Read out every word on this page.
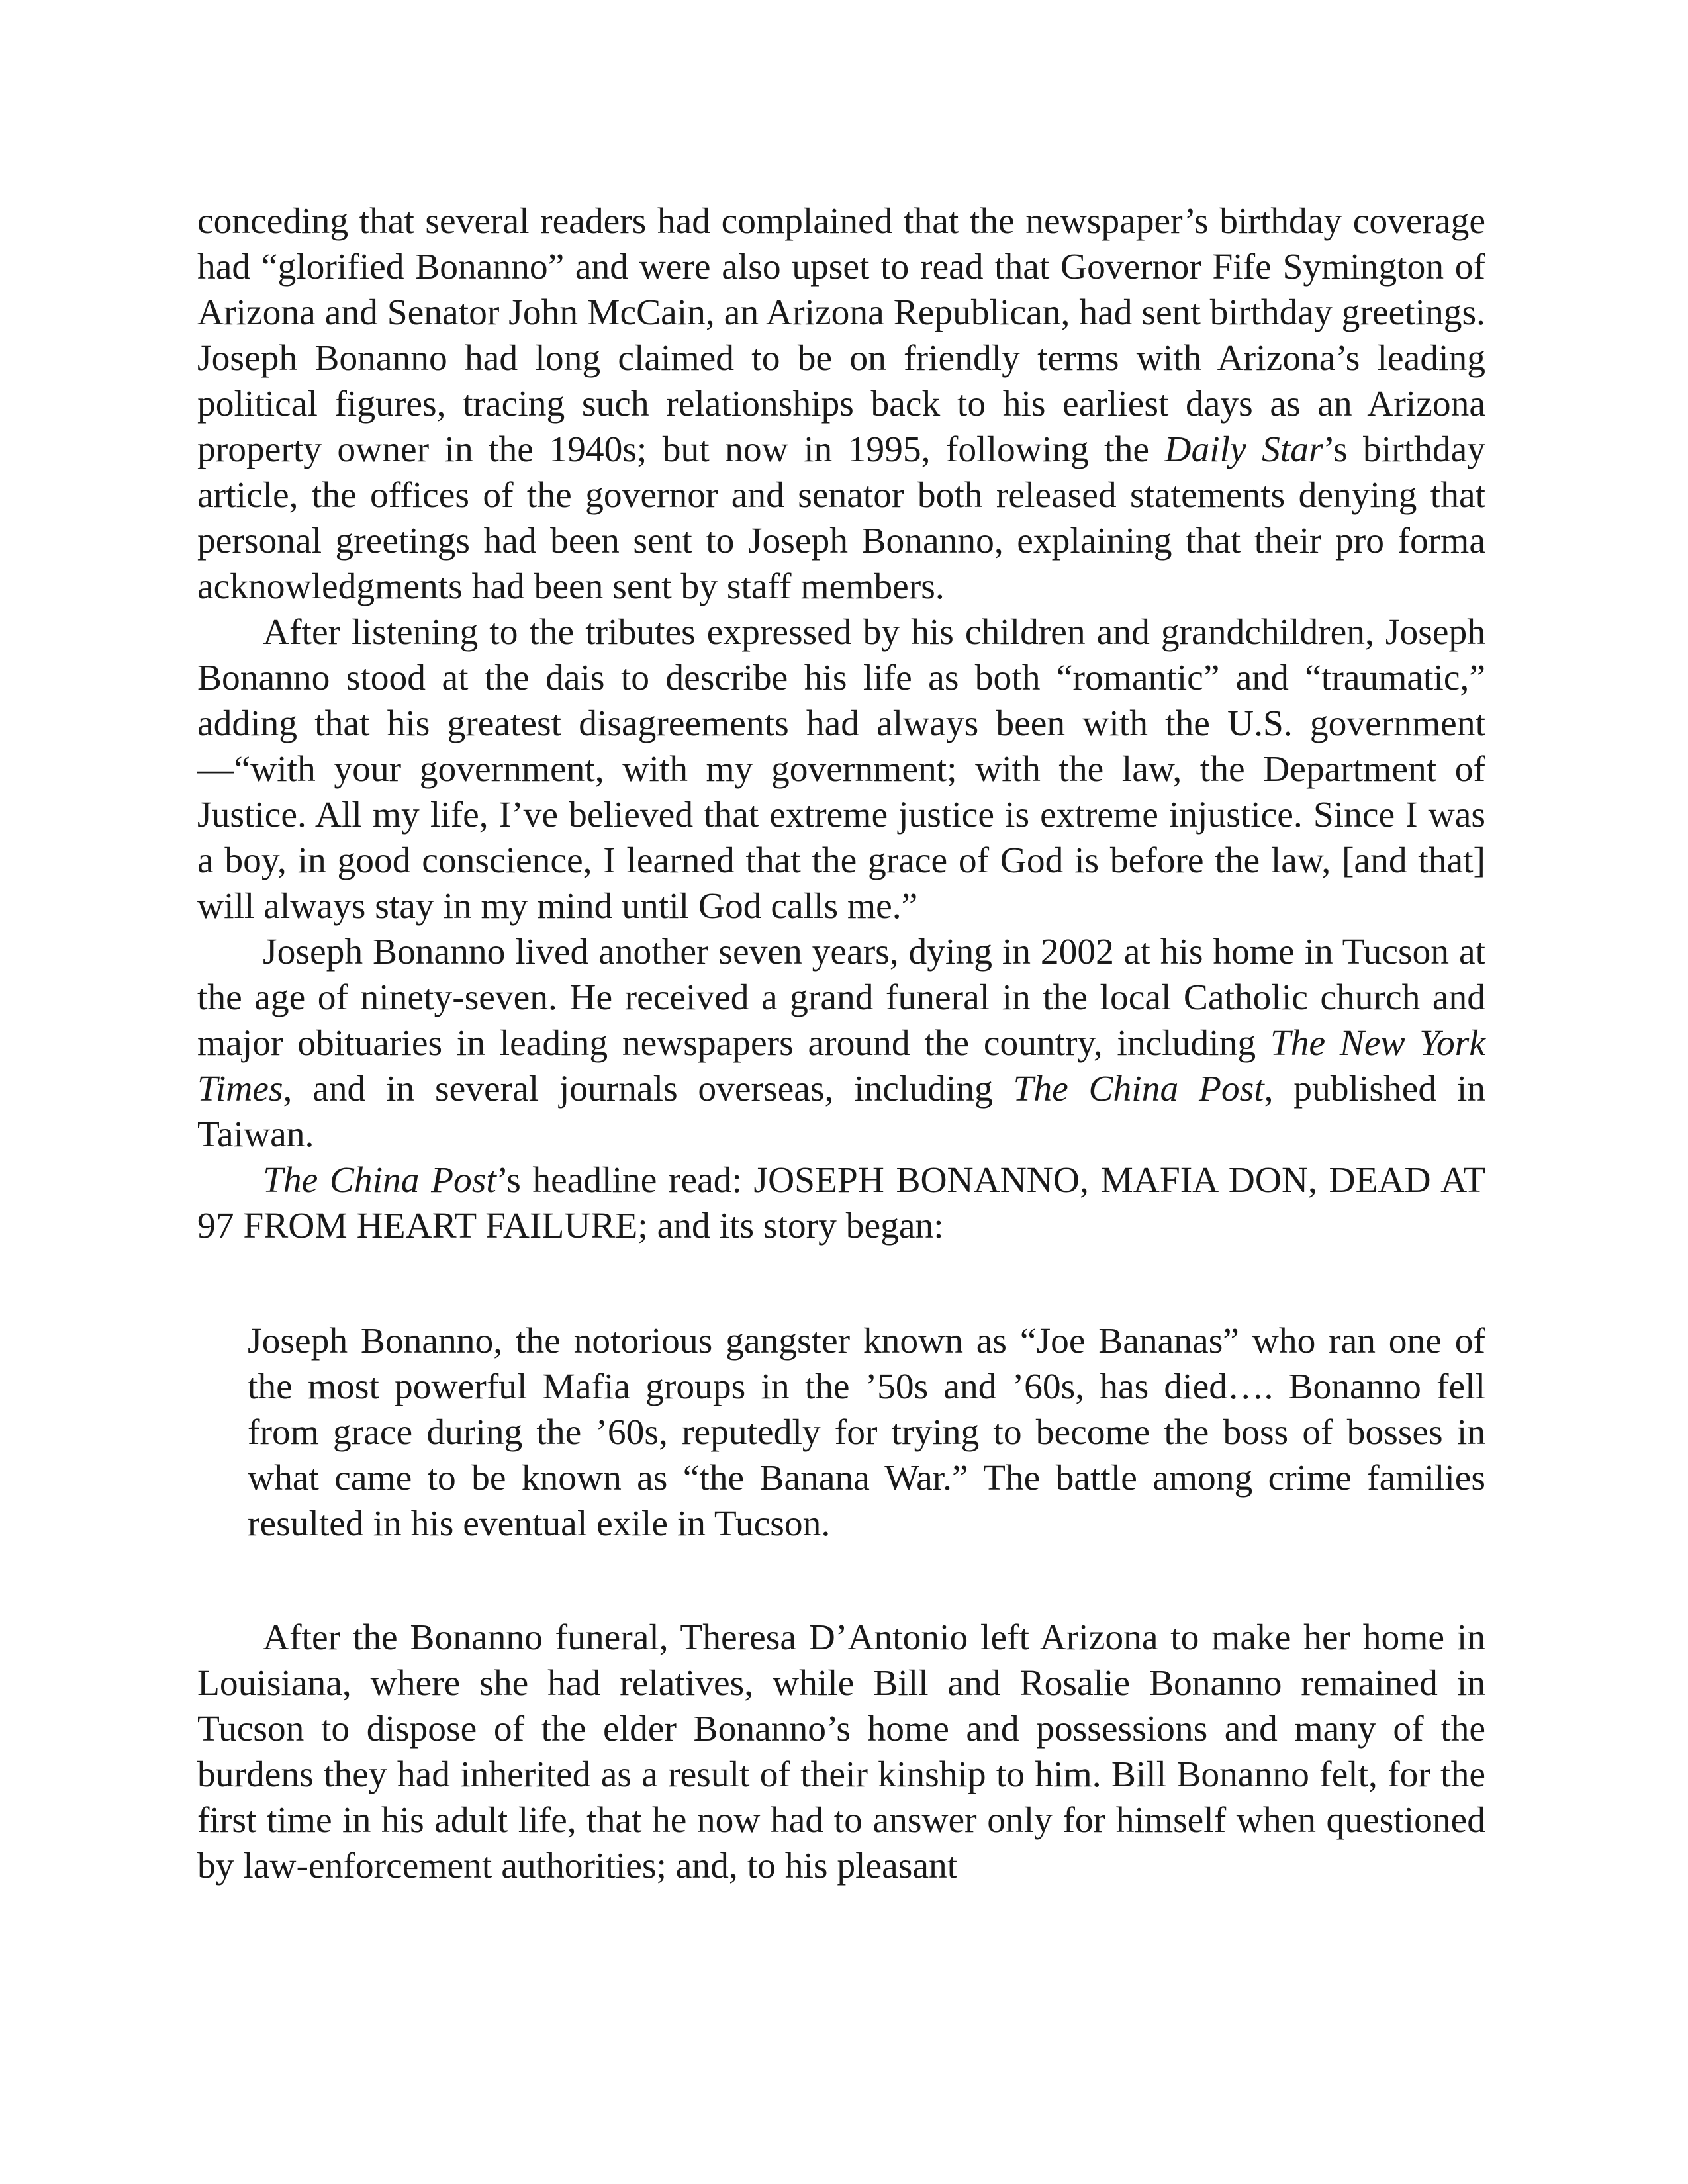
conceding that several readers had complained that the newspaper’s birthday coverage had “glorified Bonanno” and were also upset to read that Governor Fife Symington of Arizona and Senator John McCain, an Arizona Republican, had sent birthday greetings. Joseph Bonanno had long claimed to be on friendly terms with Arizona’s leading political figures, tracing such relationships back to his earliest days as an Arizona property owner in the 1940s; but now in 1995, following the Daily Star’s birthday article, the offices of the governor and senator both released statements denying that personal greetings had been sent to Joseph Bonanno, explaining that their pro forma acknowledgments had been sent by staff members.

After listening to the tributes expressed by his children and grandchildren, Joseph Bonanno stood at the dais to describe his life as both “romantic” and “traumatic,” adding that his greatest disagreements had always been with the U.S. government—“with your government, with my government; with the law, the Department of Justice. All my life, I’ve believed that extreme justice is extreme injustice. Since I was a boy, in good conscience, I learned that the grace of God is before the law, [and that] will always stay in my mind until God calls me.”

Joseph Bonanno lived another seven years, dying in 2002 at his home in Tucson at the age of ninety-seven. He received a grand funeral in the local Catholic church and major obituaries in leading newspapers around the country, including The New York Times, and in several journals overseas, including The China Post, published in Taiwan.

The China Post’s headline read: JOSEPH BONANNO, MAFIA DON, DEAD AT 97 FROM HEART FAILURE; and its story began:

Joseph Bonanno, the notorious gangster known as “Joe Bananas” who ran one of the most powerful Mafia groups in the ’50s and ’60s, has died…. Bonanno fell from grace during the ’60s, reputedly for trying to become the boss of bosses in what came to be known as “the Banana War.” The battle among crime families resulted in his eventual exile in Tucson.

After the Bonanno funeral, Theresa D’Antonio left Arizona to make her home in Louisiana, where she had relatives, while Bill and Rosalie Bonanno remained in Tucson to dispose of the elder Bonanno’s home and possessions and many of the burdens they had inherited as a result of their kinship to him. Bill Bonanno felt, for the first time in his adult life, that he now had to answer only for himself when questioned by law-enforcement authorities; and, to his pleasant
